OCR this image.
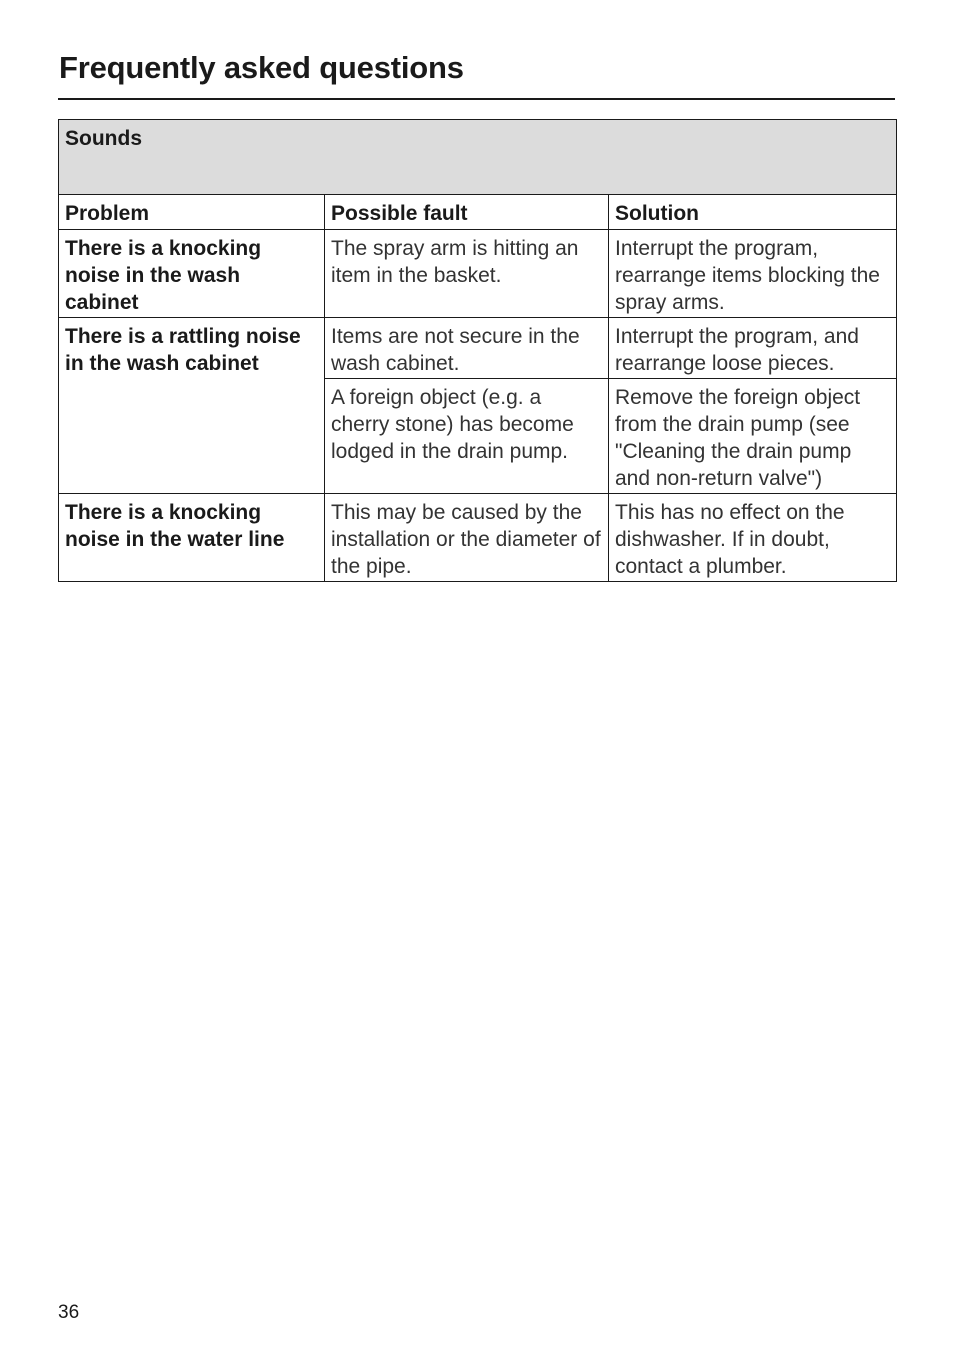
Frequently asked questions
Sounds		
Problem	Possible fault	Solution
There is a knocking noise in the wash cabinet	The spray arm is hitting an item in the basket.	Interrupt the program, rearrange items blocking the spray arms.
There is a rattling noise in the wash cabinet	Items are not secure in the wash cabinet.	Interrupt the program, and rearrange loose pieces.
	A foreign object (e.g. a cherry stone) has become lodged in the drain pump.	Remove the foreign object from the drain pump (see "Cleaning the drain pump and non-return valve")
There is a knocking noise in the water line	This may be caused by the installation or the diameter of the pipe.	This has no effect on the dishwasher. If in doubt, contact a plumber.
36
